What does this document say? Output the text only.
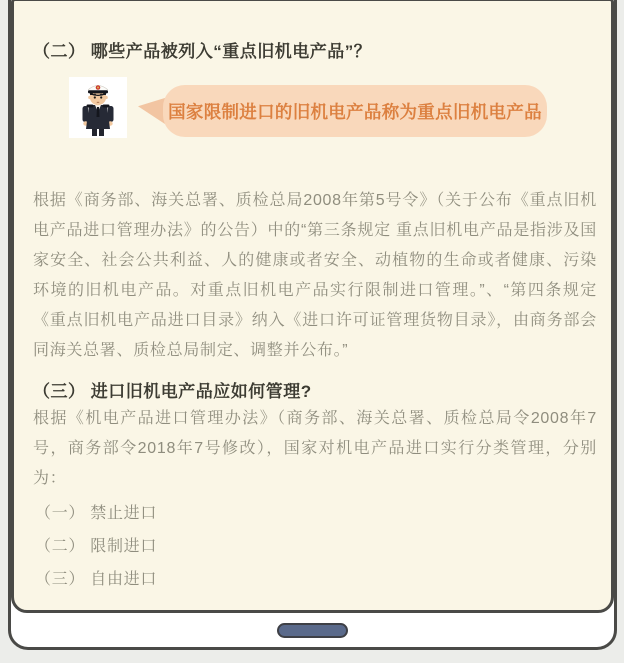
（二） 哪些产品被列入“重点旧机电产品”？
国家限制进口的旧机电产品称为重点旧机电产品
根据《商务部、海关总署、质检总局2008年第5号令》（关于公布《重点旧机电产品进口管理办法》的公告）中的“第三条规定 重点旧机电产品是指涉及国家安全、社会公共利益、人的健康或者安全、动植物的生命或者健康、污染环境的旧机电产品。对重点旧机电产品实行限制进口管理。”、“第四条规定《重点旧机电产品进口目录》纳入《进口许可证管理货物目录》，由商务部会同海关总署、质检总局制定、调整并公布。”
（三） 进口旧机电产品应如何管理?
根据《机电产品进口管理办法》（商务部、海关总署、质检总局令2008年7号，商务部令2018年7号修改），国家对机电产品进口实行分类管理，分别为：
（一） 禁止进口
（二） 限制进口
（三） 自由进口
